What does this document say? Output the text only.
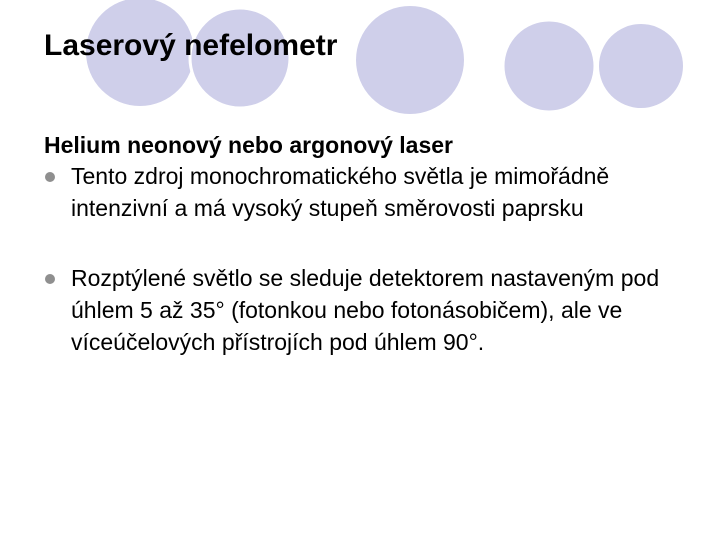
Laserový nefelometr

Helium neonový nebo argonový laser

Tento zdroj monochromatického světla je mimořádně intenzivní a má vysoký stupeň směrovosti paprsku
Rozptýlené světlo se sleduje detektorem nastaveným pod úhlem 5 až 35° (fotonkou nebo fotonásobičem), ale ve víceúčelových přístrojích pod úhlem 90°.
